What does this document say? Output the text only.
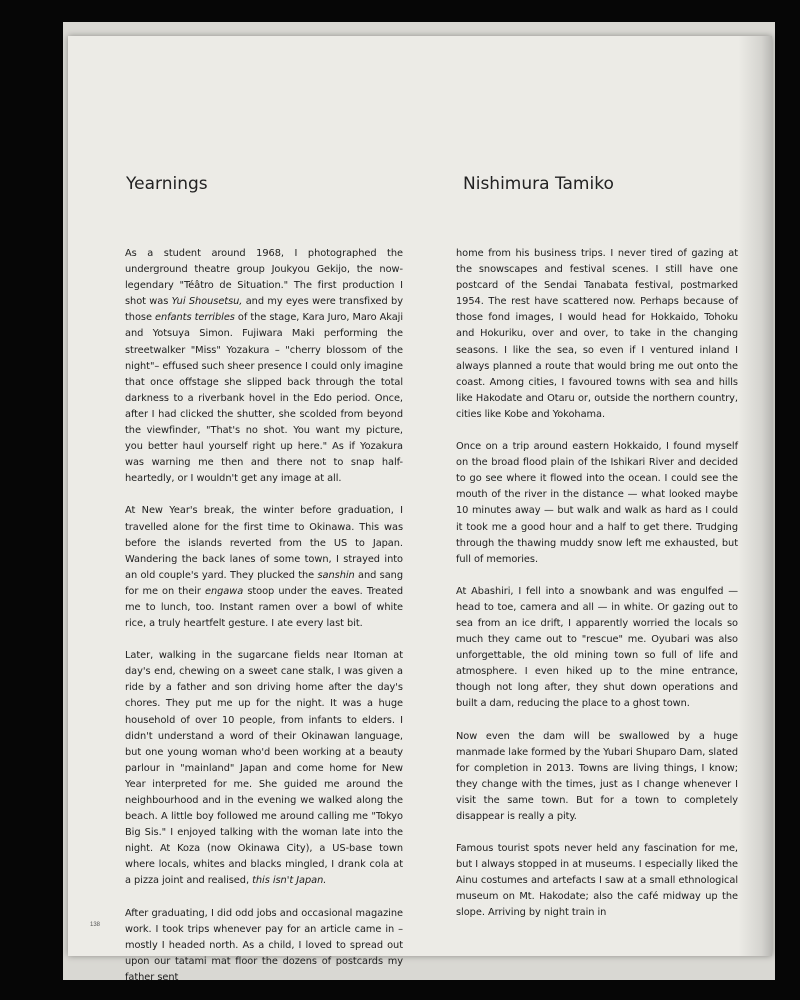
Yearnings	Nishimura Tamiko

As a student around 1968, I photographed the underground theatre group Joukyou Gekijo, the now-legendary "Téâtro de Situation." The first production I shot was Yui Shousetsu, and my eyes were transfixed by those enfants terribles of the stage, Kara Juro, Maro Akaji and Yotsuya Simon. Fujiwara Maki performing the streetwalker "Miss" Yozakura – "cherry blossom of the night"– effused such sheer presence I could only imagine that once offstage she slipped back through the total darkness to a riverbank hovel in the Edo period. Once, after I had clicked the shutter, she scolded from beyond the viewfinder, "That's no shot. You want my picture, you better haul yourself right up here." As if Yozakura was warning me then and there not to snap half-heartedly, or I wouldn't get any image at all.

At New Year's break, the winter before graduation, I travelled alone for the first time to Okinawa. This was before the islands reverted from the US to Japan. Wandering the back lanes of some town, I strayed into an old couple's yard. They plucked the sanshin and sang for me on their engawa stoop under the eaves. Treated me to lunch, too. Instant ramen over a bowl of white rice, a truly heartfelt gesture. I ate every last bit.

Later, walking in the sugarcane fields near Itoman at day's end, chewing on a sweet cane stalk, I was given a ride by a father and son driving home after the day's chores. They put me up for the night. It was a huge household of over 10 people, from infants to elders. I didn't understand a word of their Okinawan language, but one young woman who'd been working at a beauty parlour in "mainland" Japan and come home for New Year interpreted for me. She guided me around the neighbourhood and in the evening we walked along the beach. A little boy followed me around calling me "Tokyo Big Sis." I enjoyed talking with the woman late into the night. At Koza (now Okinawa City), a US-base town where locals, whites and blacks mingled, I drank cola at a pizza joint and realised, this isn't Japan.

After graduating, I did odd jobs and occasional magazine work. I took trips whenever pay for an article came in – mostly I headed north. As a child, I loved to spread out upon our tatami mat floor the dozens of postcards my father sent

home from his business trips. I never tired of gazing at the snowscapes and festival scenes. I still have one postcard of the Sendai Tanabata festival, postmarked 1954. The rest have scattered now. Perhaps because of those fond images, I would head for Hokkaido, Tohoku and Hokuriku, over and over, to take in the changing seasons. I like the sea, so even if I ventured inland I always planned a route that would bring me out onto the coast. Among cities, I favoured towns with sea and hills like Hakodate and Otaru or, outside the northern country, cities like Kobe and Yokohama.

Once on a trip around eastern Hokkaido, I found myself on the broad flood plain of the Ishikari River and decided to go see where it flowed into the ocean. I could see the mouth of the river in the distance — what looked maybe 10 minutes away — but walk and walk as hard as I could it took me a good hour and a half to get there. Trudging through the thawing muddy snow left me exhausted, but full of memories.

At Abashiri, I fell into a snowbank and was engulfed — head to toe, camera and all — in white. Or gazing out to sea from an ice drift, I apparently worried the locals so much they came out to "rescue" me. Oyubari was also unforgettable, the old mining town so full of life and atmosphere. I even hiked up to the mine entrance, though not long after, they shut down operations and built a dam, reducing the place to a ghost town.

Now even the dam will be swallowed by a huge manmade lake formed by the Yubari Shuparo Dam, slated for completion in 2013. Towns are living things, I know; they change with the times, just as I change whenever I visit the same town. But for a town to completely disappear is really a pity.

Famous tourist spots never held any fascination for me, but I always stopped in at museums. I especially liked the Ainu costumes and artefacts I saw at a small ethnological museum on Mt. Hakodate; also the café midway up the slope. Arriving by night train in

138
